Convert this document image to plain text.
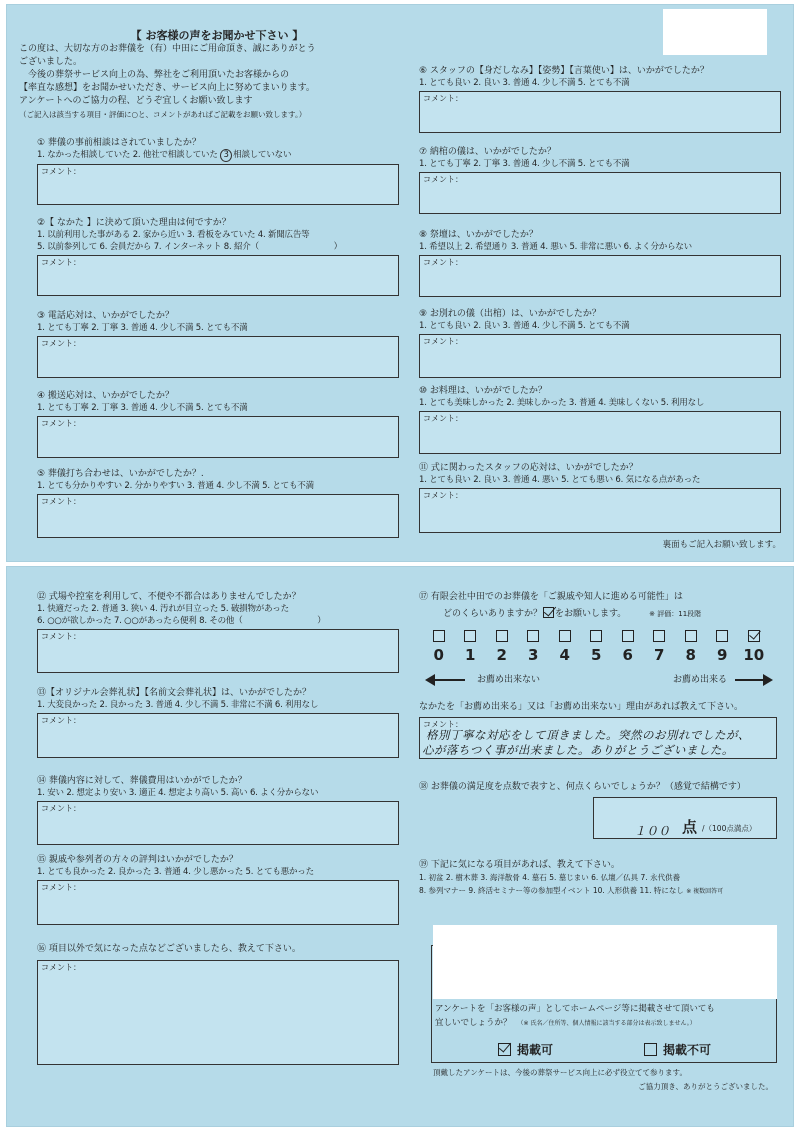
【 お客様の声をお聞かせ下さい 】
この度は、大切な方のお葬儀を（有）中田にご用命頂き、誠にありがとう
ございました。
　今後の葬祭サービス向上の為、弊社をご利用頂いたお客様からの
【率直な感想】をお聞かせいただき、サービス向上に努めてまいります。
アンケートへのご協力の程、どうぞ宜しくお願い致します
（ご記入は該当する項目・評価に○と、コメントがあればご記載をお願い致します。）
① 葬儀の事前相談はされていましたか？
1. なかった相談していた 2. 他社で相談していた 3 相談していない
コメント：
②【 なかた 】に決めて頂いた理由は何ですか？
1. 以前利用した事がある 2. 家から近い 3. 看板をみていた 4. 新聞広告等
5. 以前参列して 6. 会員だから 7. インターネット 8. 紹介（　　　　　　　　　）
コメント：
③ 電話応対は、いかがでしたか？
1. とても丁寧 2. 丁寧 3. 普通 4. 少し不満 5. とても不満
コメント：
④ 搬送応対は、いかがでしたか？
1. とても丁寧 2. 丁寧 3. 普通 4. 少し不満 5. とても不満
コメント：
⑤ 葬儀打ち合わせは、いかがでしたか？.
1. とても分かりやすい 2. 分かりやすい 3. 普通 4. 少し不満 5. とても不満
コメント：
⑥ スタッフの【身だしなみ】【姿勢】【言葉使い】は、いかがでしたか？
1. とても良い 2. 良い 3. 普通 4. 少し不満 5. とても不満
コメント：
⑦ 納棺の儀は、いかがでしたか？
1. とても丁寧 2. 丁寧 3. 普通 4. 少し不満 5. とても不満
コメント：
⑧ 祭壇は、いかがでしたか？
1. 希望以上 2. 希望通り 3. 普通 4. 悪い 5. 非常に悪い 6. よく分からない
コメント：
⑨ お別れの儀（出棺）は、いかがでしたか？
1. とても良い 2. 良い 3. 普通 4. 少し不満 5. とても不満
コメント：
⑩ お料理は、いかがでしたか？
1. とても美味しかった 2. 美味しかった 3. 普通 4. 美味しくない 5. 利用なし
コメント：
⑪ 式に関わったスタッフの応対は、いかがでしたか？
1. とても良い 2. 良い 3. 普通 4. 悪い 5. とても悪い 6. 気になる点があった
コメント：
裏面もご記入お願い致します。
⑫ 式場や控室を利用して、不便や不都合はありませんでしたか？
1. 快適だった 2. 普通 3. 狭い 4. 汚れが目立った 5. 破損物があった
6. ○○が欲しかった 7. ○○があったら便利 8. その他（　　　　　　　　　）
コメント：
⑬【オリジナル会葬礼状】【名前文会葬礼状】は、いかがでしたか？
1. 大変良かった 2. 良かった 3. 普通 4. 少し不満 5. 非常に不満 6. 利用なし
コメント：
⑭ 葬儀内容に対して、葬儀費用はいかがでしたか？
1. 安い 2. 想定より安い 3. 適正 4. 想定より高い 5. 高い 6. よく分からない
コメント：
⑮ 親戚や参列者の方々の評判はいかがでしたか？
1. とても良かった 2. 良かった 3. 普通 4. 少し悪かった 5. とても悪かった
コメント：
⑯ 項目以外で気になった点などございましたら、教えて下さい。
コメント：
⑰ 有限会社中田でのお葬儀を「ご親戚や知人に進める可能性」は
どのくらいありますか？ をお願いします。	※ 評価：11段階
0	1	2	3	4	5	6	7	8	9	10
お薦め出来ない	お薦め出来る
なかたを「お薦め出来る」又は「お薦め出来ない」理由があれば教えて下さい。
コメント：
格別丁寧な対応をして頂きました。突然のお別れでしたが、
心が落ちつく事が出来ました。ありがとうございました。
⑱ お葬儀の満足度を点数で表すと、何点くらいでしょうか？（感覚で結構です）
１００ 点 /（100点満点）
⑲ 下記に気になる項目があれば、教えて下さい。
1. 初盆 2. 樹木葬 3. 海洋散骨 4. 墓石 5. 墓じまい 6. 仏壇／仏具 7. 永代供養
8. 参列マナー 9. 終活セミナー等の参加型イベント 10. 人形供養 11. 特になし ※ 複数回答可
アンケートを「お客様の声」としてホームページ等に掲載させて頂いても
宜しいでしょうか？ （※ 氏名／住所等、個人情報に該当する部分は表示致しません。）
掲載可	掲載不可
頂戴したアンケートは、今後の葬祭サービス向上に必ず役立てて参ります。
ご協力頂き、ありがとうございました。
